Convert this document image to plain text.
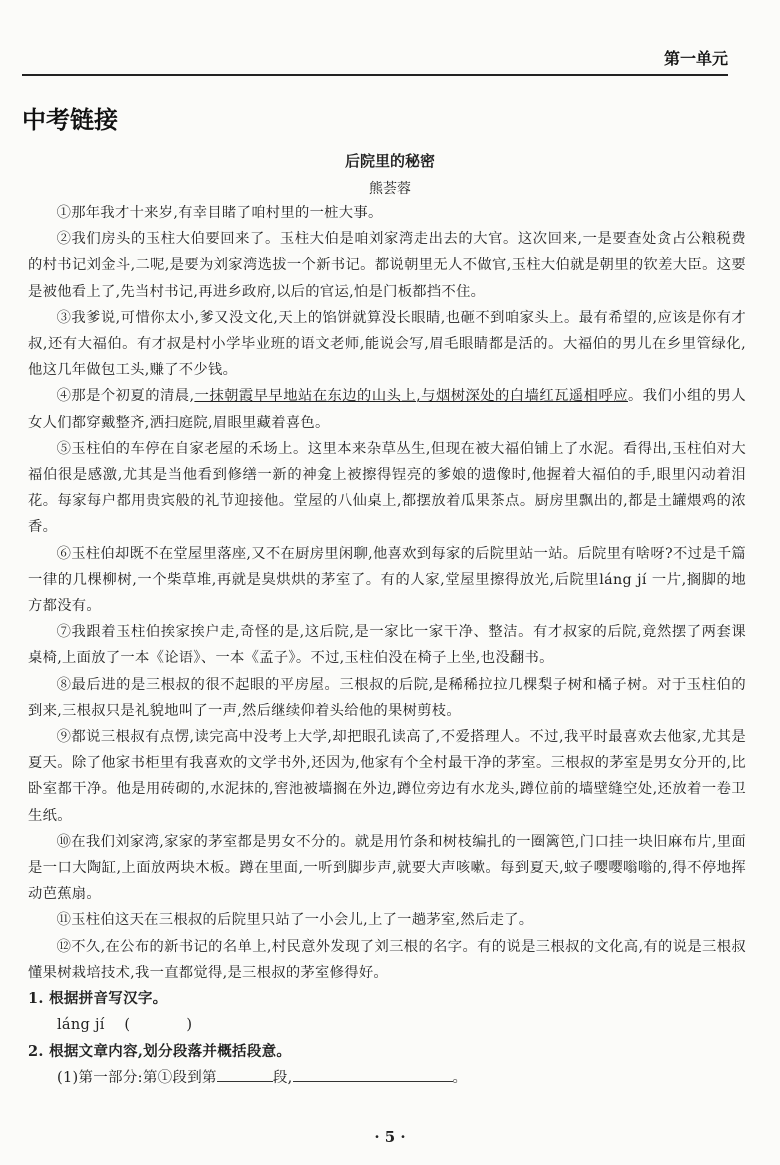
第一单元
中考链接
后院里的秘密
熊荟蓉

①那年我才十来岁,有幸目睹了咱村里的一桩大事。

②我们房头的玉柱大伯要回来了。玉柱大伯是咱刘家湾走出去的大官。这次回来,一是要查处贪占公粮税费的村书记刘金斗,二呢,是要为刘家湾选拔一个新书记。都说朝里无人不做官,玉柱大伯就是朝里的钦差大臣。这要是被他看上了,先当村书记,再进乡政府,以后的官运,怕是门板都挡不住。

③我爹说,可惜你太小,爹又没文化,天上的馅饼就算没长眼睛,也砸不到咱家头上。最有希望的,应该是你有才叔,还有大福伯。有才叔是村小学毕业班的语文老师,能说会写,眉毛眼睛都是活的。大福伯的男儿在乡里管绿化,他这几年做包工头,赚了不少钱。

④那是个初夏的清晨,一抹朝霞早早地站在东边的山头上,与烟树深处的白墙红瓦遥相呼应。我们小组的男人女人们都穿戴整齐,洒扫庭院,眉眼里藏着喜色。

⑤玉柱伯的车停在自家老屋的禾场上。这里本来杂草丛生,但现在被大福伯铺上了水泥。看得出,玉柱伯对大福伯很是感激,尤其是当他看到修缮一新的神龛上被擦得锃亮的爹娘的遗像时,他握着大福伯的手,眼里闪动着泪花。每家每户都用贵宾般的礼节迎接他。堂屋的八仙桌上,都摆放着瓜果茶点。厨房里飘出的,都是土罐煨鸡的浓香。

⑥玉柱伯却既不在堂屋里落座,又不在厨房里闲聊,他喜欢到每家的后院里站一站。后院里有啥呀?不过是千篇一律的几棵柳树,一个柴草堆,再就是臭烘烘的茅室了。有的人家,堂屋里擦得放光,后院里láng jí 一片,搁脚的地方都没有。

⑦我跟着玉柱伯挨家挨户走,奇怪的是,这后院,是一家比一家干净、整洁。有才叔家的后院,竟然摆了两套课桌椅,上面放了一本《论语》、一本《孟子》。不过,玉柱伯没在椅子上坐,也没翻书。

⑧最后进的是三根叔的很不起眼的平房屋。三根叔的后院,是稀稀拉拉几棵梨子树和橘子树。对于玉柱伯的到来,三根叔只是礼貌地叫了一声,然后继续仰着头给他的果树剪枝。

⑨都说三根叔有点愣,读完高中没考上大学,却把眼孔读高了,不爱搭理人。不过,我平时最喜欢去他家,尤其是夏天。除了他家书柜里有我喜欢的文学书外,还因为,他家有个全村最干净的茅室。三根叔的茅室是男女分开的,比卧室都干净。他是用砖砌的,水泥抹的,窖池被墙搁在外边,蹲位旁边有水龙头,蹲位前的墙壁缝空处,还放着一卷卫生纸。

⑩在我们刘家湾,家家的茅室都是男女不分的。就是用竹条和树枝编扎的一圈篱笆,门口挂一块旧麻布片,里面是一口大陶缸,上面放两块木板。蹲在里面,一听到脚步声,就要大声咳嗽。每到夏天,蚊子嘤嘤嗡嗡的,得不停地挥动芭蕉扇。

⑪玉柱伯这天在三根叔的后院里只站了一小会儿,上了一趟茅室,然后走了。

⑫不久,在公布的新书记的名单上,村民意外发现了刘三根的名字。有的说是三根叔的文化高,有的说是三根叔懂果树栽培技术,我一直都觉得,是三根叔的茅室修得好。

1. 根据拼音写汉字。

láng jí (	)

2. 根据文章内容,划分段落并概括段意。

(1)第一部分:第①段到第	段,	。

· 5 ·
